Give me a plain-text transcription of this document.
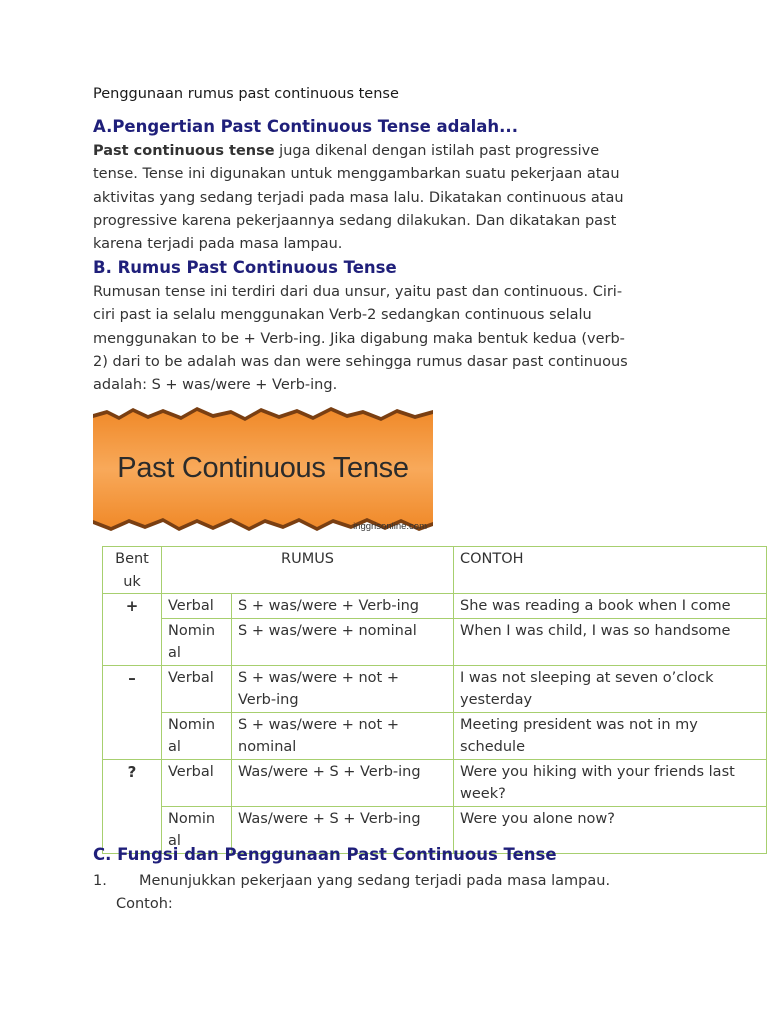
Penggunaan rumus past continuous tense

A.Pengertian Past Continuous Tense adalah...
Past continuous tense juga dikenal dengan istilah past progressive
tense. Tense ini digunakan untuk menggambarkan suatu pekerjaan atau
aktivitas yang sedang terjadi pada masa lalu. Dikatakan continuous atau
progressive karena pekerjaannya sedang dilakukan. Dan dikatakan past
karena terjadi pada masa lampau.
B. Rumus Past Continuous Tense
Rumusan tense ini terdiri dari dua unsur, yaitu past dan continuous. Ciri-
ciri past ia selalu menggunakan Verb-2 sedangkan continuous selalu
menggunakan to be + Verb-ing. Jika digabung maka bentuk kedua (verb-
2) dari to be adalah was dan were sehingga rumus dasar past continuous
adalah: S + was/were + Verb-ing.
Past Continuous Tense
inggrisonline.com
Bent
uk	RUMUS		CONTOH
+	Verbal	S + was/were + Verb-ing	She was reading a book when I come
	Nomin
al	S + was/were + nominal	When I was child, I was so handsome
–	Verbal	S + was/were + not +
Verb-ing	I was not sleeping at seven o’clock
yesterday
	Nomin
al	S + was/were + not +
nominal	Meeting president was not in my
schedule
?	Verbal	Was/were + S + Verb-ing	Were you hiking with your friends last
week?
	Nomin
al	Was/were + S + Verb-ing	Were you alone now?
C. Fungsi dan Penggunaan Past Continuous Tense
1. Menunjukkan pekerjaan yang sedang terjadi pada masa lampau.

Contoh:
